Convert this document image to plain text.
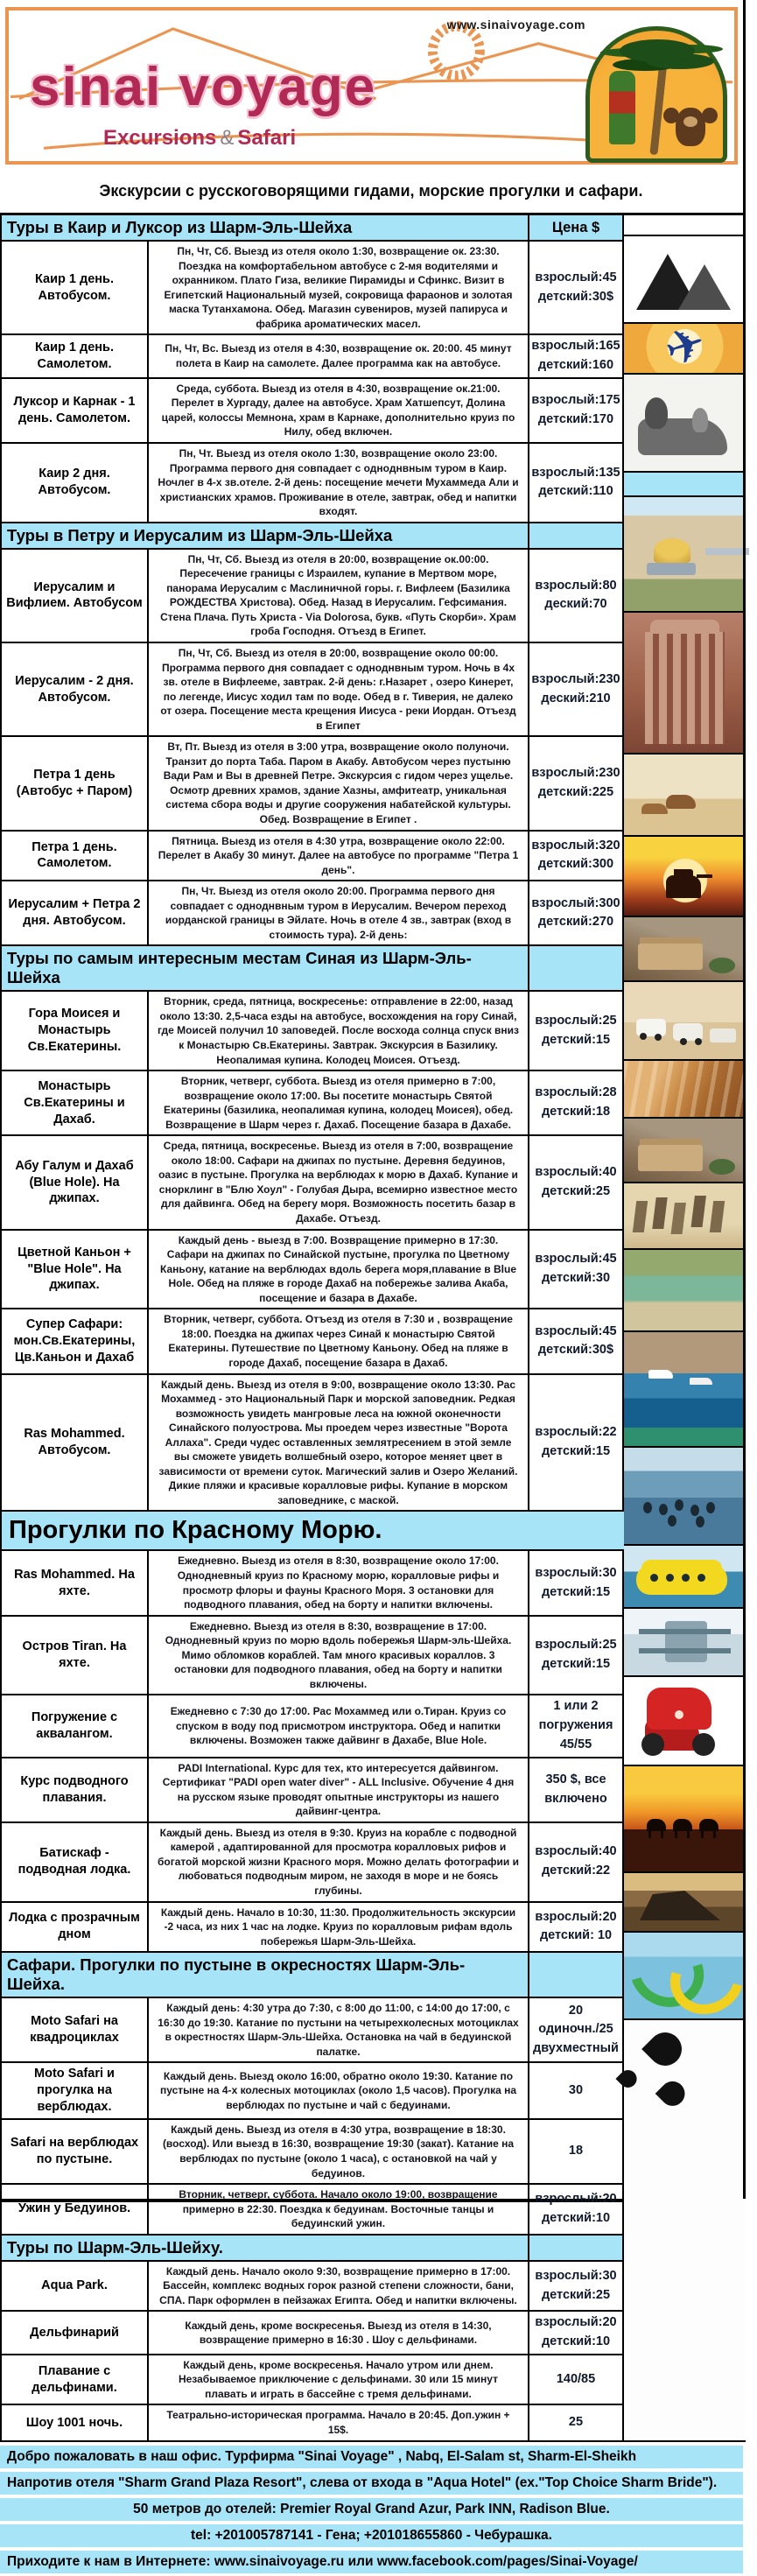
www.sinaivoyage.com
sinai voyage
Excursions & Safari
Экскурсии с русскоговорящими гидами, морские прогулки и сафари.
Туры в Каир и Луксор из Шарм-Эль-Шейха	Цена $
Каир 1 день. Автобусом.
Пн, Чт, Сб. Выезд из отеля около 1:30, возвращение ок. 23:30. Поездка на комфортабельном автобусе с 2-мя водителями и охранником. Плато Гиза, великие Пирамиды и Сфинкс. Визит в Египетский Национальный музей, сокровища фараонов и золотая маска Тутанхамона. Обед. Магазин сувениров, музей папируса и фабрика ароматических масел.
взрослый:45
детский:30$
Каир 1 день. Самолетом.
Пн, Чт, Вс. Выезд из отеля в 4:30, возвращение ок. 20:00. 45 минут полета в Каир на самолете. Далее программа как на автобусе.
взрослый:165
детский:160
Луксор и Карнак - 1 день. Самолетом.
Среда, суббота. Выезд из отеля в 4:30, возвращение ок.21:00. Перелет в Хургаду, далее на автобусе. Храм Хатшепсут, Долина царей, колоссы Мемнона, храм в Карнаке, дополнительно круиз по Нилу, обед включен.
взрослый:175
детский:170
Каир 2 дня. Автобусом.
Пн, Чт. Выезд из отеля около 1:30, возвращение около 23:00. Программа первого дня совпадает с одноднвным туром в Каир. Ночлег в 4-х зв.отеле. 2-й день: посещение мечети Мухаммеда Али и христианских храмов. Проживание в отеле, завтрак, обед и напитки входят.
взрослый:135
детский:110
Туры в Петру и Иерусалим из Шарм-Эль-Шейха
Иерусалим и Вифлием. Автобусом
Пн, Чт, Сб. Выезд из отеля в 20:00, возвращение ок.00:00. Пересечение границы с Израилем, купание в Мертвом море, панорама Иерусалим с Маслиничной горы. г. Вифлеем (Базилика РОЖДЕСТВА Христова). Обед. Назад в Иерусалим. Гефсимания. Стена Плача. Путь Христа - Via Dolorosa, букв. «Путь Скорби». Храм гроба Господня. Отъезд в Египет.
взрослый:80
деский:70
Иерусалим - 2 дня. Автобусом.
Пн, Чт, Сб. Выезд из отеля в 20:00, возвращение около 00:00. Программа первого дня совпадает с одноднвным туром. Ночь в 4х зв. отеле в Вифлееме, завтрак. 2-й день: г.Назарет , озеро Кинерет, по легенде, Иисус ходил там по воде. Обед в г. Тиверия, не далеко от озера. Посещение места крещения Иисуса - реки Иордан. Отъезд в Египет
взрослый:230
деский:210
Петра 1 день (Автобус + Паром)
Вт, Пт. Выезд из отеля в 3:00 утра, возвращение около полуночи. Транзит до порта Таба. Паром в Акабу. Автобусом через пустыню Вади Рам и Вы в древней Петре. Экскурсия с гидом через ущелье. Осмотр древних храмов, здание Хазны, амфитеатр, уникальная система сбора воды и другие сооружения набатейской культуры. Обед. Возвращение в Египет .
взрослый:230
детский:225
Петра 1 день. Самолетом.
Пятница. Выезд из отеля в 4:30 утра, возвращение около 22:00. Перелет в Акабу 30 минут. Далее на автобусе по программе "Петра 1 день".
взрослый:320
детский:300
Иерусалим + Петра 2 дня. Автобусом.
Пн, Чт. Выезд из отеля около 20:00. Программа первого дня совпадает с одноднвным туром в Иерусалим. Вечером переход иорданской границы в Эйлате. Ночь в отеле 4 зв., завтрак (вход в стоимость тура). 2-й день:
взрослый:300
детский:270
Туры по самым интересным местам Синая из Шарм-Эль-Шейха
Гора Моисея и Монастырь Св.Екатерины.
Вторник, среда, пятница, воскресенье: отправление в 22:00, назад около 13:30. 2,5-часа езды на автобусе, восхождения на гору Синай, где Моисей получил 10 заповедей. После восхода солнца спуск вниз к Монастырю Св.Екатерины. Завтрак. Экскурсия в Базилику. Неопалимая купина. Колодец Моисея. Отъезд.
взрослый:25
детский:15
Монастырь Св.Екатерины и Дахаб.
Вторник, четверг, суббота. Выезд из отеля примерно в 7:00, возвращение около 17:00. Вы посетите монастырь Святой Екатерины (базилика, неопалимая купина, колодец Моисея), обед. Возвращение в Шарм через г. Дахаб. Посещение базара в Дахабе.
взрослый:28
детский:18
Абу Галум и Дахаб (Blue Hole). На джипах.
Среда, пятница, воскресенье. Выезд из отеля в 7:00, возвращение около 18:00. Сафари на джипах по пустыне. Деревня бедуинов, оазис в пустыне. Прогулка на верблюдах к морю в Дахаб. Купание и снорклинг в "Блю Хоул" - Голубая Дыра, всемирно известное место для дайвинга. Обед на берегу моря. Возможность посетить базар в Дахабе. Отъезд.
взрослый:40
детский:25
Цветной Каньон + "Blue Hole". На джипах.
Каждый день - выезд в 7:00. Возвращение примерно в 17:30. Сафари на джипах по Синайской пустыне, прогулка по Цветному Каньону, катание на верблюдах вдоль берега моря,плавание в Blue Hole. Обед на пляже в городе Дахаб на побережье залива Акаба, посещение и базара в Дахабе.
взрослый:45
детский:30
Супер Сафари: мон.Св.Екатерины, Цв.Каньон и Дахаб
Вторник, четверг, суббота. Отъезд из отеля в 7:30 и , возвращение 18:00. Поездка на джипах через Синай к монастырю Святой Екатерины. Путешествие по Цветному Каньону. Обед на пляже в городе Дахаб, посещение базара в Дахаб.
взрослый:45
детский:30$
Ras Mohammed. Автобусом.
Каждый день. Выезд из отеля в 9:00, возвращение около 13:30. Рас Мохаммед - это Национальный Парк и морской заповедник. Редкая возможность увидеть мангровые леса на южной оконечности Синайского полуострова. Мы проедем через известные "Ворота Аллаха". Среди чудес оставленных землятресением в этой земле вы сможете увидеть волшебный озеро, которое меняет цвет в зависимости от времени суток. Магический залив и Озеро Желаний. Дикие пляжи и красивые коралловые рифы. Купание в морском заповеднике, с маской.
взрослый:22
детский:15
Прогулки по Красному Морю.
Ras Mohammed. На яхте.
Ежедневно. Выезд из отеля в 8:30, возвращение около 17:00. Однодневный круиз по Красному морю, коралловые рифы и просмотр флоры и фауны Красного Моря. 3 остановки для подводного плавания, обед на борту и напитки включены.
взрослый:30
детский:15
Остров Tiran. На яхте.
Ежедневно. Выезд из отеля в 8:30, возвращение в 17:00. Однодневный круиз по морю вдоль побережья Шарм-эль-Шейха. Мимо обломков кораблей. Там много красивых кораллов. 3 остановки для подводного плавания, обед на борту и напитки включены.
взрослый:25
детский:15
Погружение с аквалангом.
Ежедневно с 7:30 до 17:00. Рас Мохаммед или о.Тиран. Круиз со спуском в воду под присмотром инструктора. Обед и напитки включены. Возможен также дайвинг в Дахабе, Blue Hole.
1 или 2
погружения
45/55
Курс подводного плавания.
PADI International. Курс для тех, кто интересуется дайвингом. Сертификат "PADI open water diver" - ALL Inclusive. Обучение 4 дня на русском языке проводят опытные инструкторы из нашего дайвинг-центра.
350 $, все
включено
Батискаф - подводная лодка.
Каждый день. Выезд из отеля в 9:30. Круиз на корабле с подводной камерой , адаптированной для просмотра коралловых рифов и богатой морской жизни Красного моря. Можно делать фотографии и любоваться подводным миром, не заходя в море и не боясь глубины.
взрослый:40
детский:22
Лодка с прозрачным дном
Каждый день. Начало в 10:30, 11:30. Продолжительность экскурсии -2 часа, из них 1 час на лодке. Круиз по коралловым рифам вдоль побережья Шарм-Эль-Шейха.
взрослый:20
детский: 10
Сафари. Прогулки по пустыне в окресностях Шарм-Эль-Шейха.
Moto Safari на квадроциклах
Каждый день: 4:30 утра до 7:30, с 8:00 до 11:00, с 14:00 до 17:00, с 16:30 до 19:30. Катание по пустыни на четырехколесных мотоциклах в окрестностях Шарм-Эль-Шейха. Остановка на чай в бедуинской палатке.
20 одиночн./25
двухместный
Moto Safari и прогулка на верблюдах.
Каждый день. Выезд около 16:00, обратно около 19:30. Катание по пустыне на 4-х колесных мотоциклах (около 1,5 часов). Прогулка на верблюдах по пустыне и чай с бедуинами.
30
Safari на верблюдах по пустыне.
Каждый день. Выезд из отеля в 4:30 утра, возвращение в 18:30. (восход). Или выезд в 16:30, возвращение 19:30 (закат). Катание на верблюдах по пустыне (около 1 часа), с остановкой на чай у бедуинов.
18
Ужин у Бедуинов.
Вторник, четверг, суббота. Начало около 19:00, возвращение примерно в 22:30. Поездка к бедуинам. Восточные танцы и бедуинский ужин.
взрослый:20
детский:10
Туры по Шарм-Эль-Шейху.
Aqua Park.
Каждый день. Начало около 9:30, возвращение примерно в 17:00. Бассейн, комплекс водных горок разной степени сложности, бани, СПА. Парк оформлен в пейзажах Египта. Обед и напитки включены.
взрослый:30
детский:25
Дельфинарий
Каждый день, кроме воскресенья. Выезд из отеля в 14:30, возвращение примерно в 16:30 . Шоу с дельфинами.
взрослый:20
детский:10
Плавание с дельфинами.
Каждый день, кроме воскресенья. Начало утром или днем. Незабываемое приключение с дельфинами. 30 или 15 минут плавать и играть в бассейне с тремя дельфинами.
140/85
Шоу 1001 ночь.
Театрально-историческая программа. Начало в 20:45. Доп.ужин + 15$.
25
✈
Добро пожаловать в наш офис. Турфирма "Sinai Voyage" , Nabq, El-Salam st, Sharm-El-Sheikh
Напротив отеля "Sharm Grand Plaza Resort", слева от входа в "Aqua Hotel" (ex."Top Choice Sharm Bride").
50 метров до отелей: Premier Royal Grand Azur, Park INN, Radison Blue.
tel: +201005787141 - Гена; +201018655860 - Чебурашка.
Приходите к нам в Интернете: www.sinaivoyage.ru или www.facebook.com/pages/Sinai-Voyage/
